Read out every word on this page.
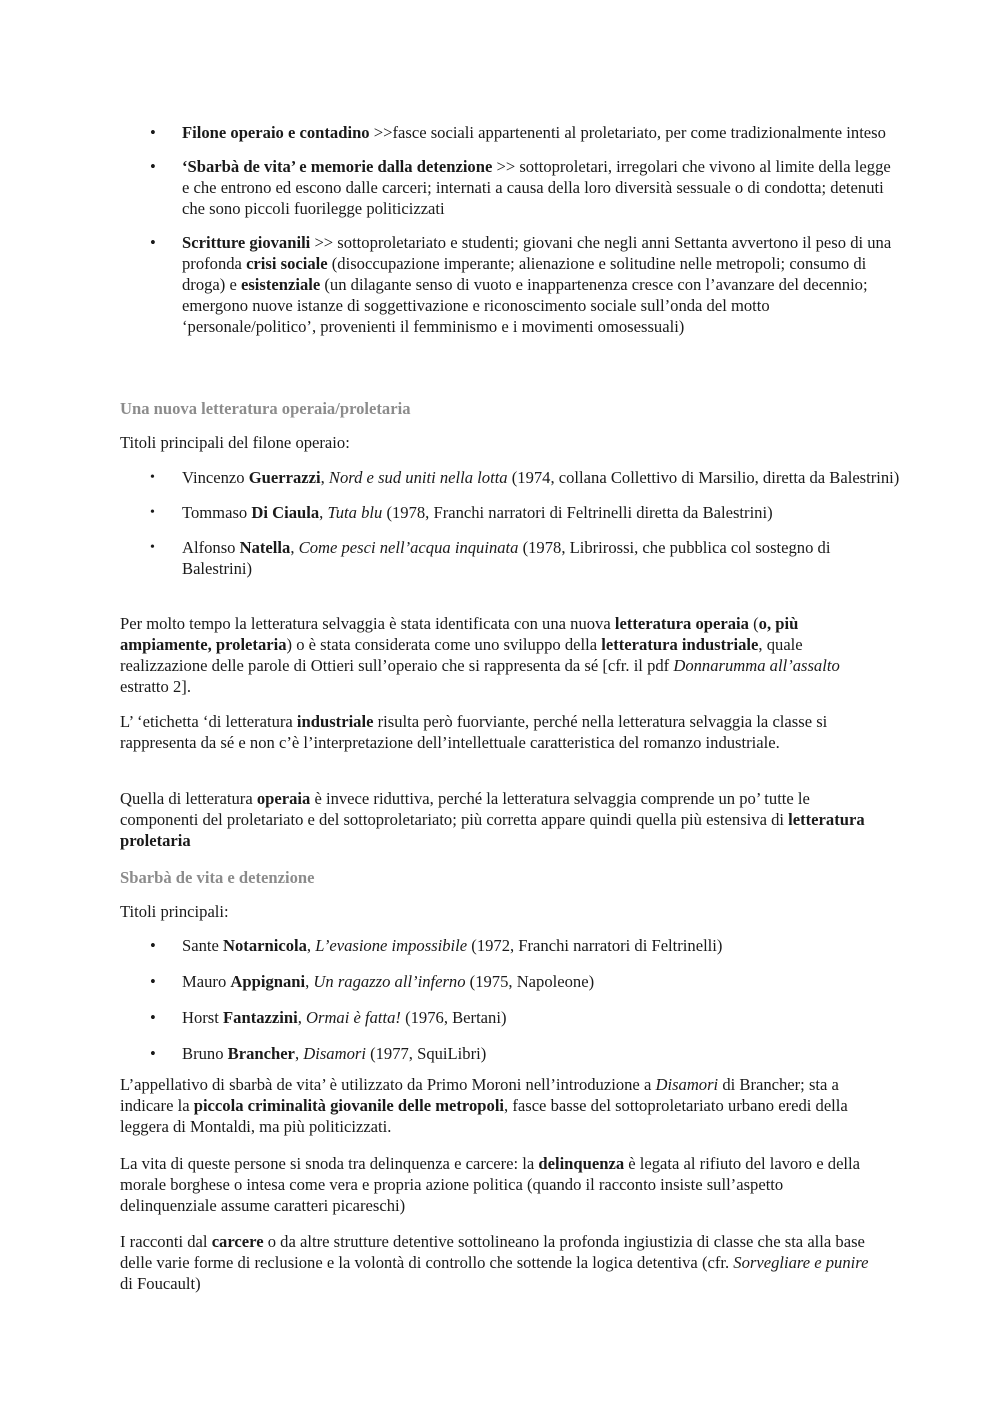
• Filone operaio e contadino >>fasce sociali appartenenti al proletariato, per come tradizionalmente inteso
• ‘Sbarbà de vita’ e memorie dalla detenzione >> sottoproletari, irregolari che vivono al limite della legge e che entrono ed escono dalle carceri; internati a causa della loro diversità sessuale o di condotta; detenuti che sono piccoli fuorilegge politicizzati
• Scritture giovanili >> sottoproletariato e studenti; giovani che negli anni Settanta avvertono il peso di una profonda crisi sociale (disoccupazione imperante; alienazione e solitudine nelle metropoli; consumo di droga) e esistenziale (un dilagante senso di vuoto e inappartenenza cresce con l’avanzare del decennio; emergono nuove istanze di soggettivazione e riconoscimento sociale sull’onda del motto ‘personale/politico’, provenienti il femminismo e i movimenti omosessuali)
Una nuova letteratura operaia/proletaria

Titoli principali del filone operaio:

• Vincenzo Guerrazzi, Nord e sud uniti nella lotta (1974, collana Collettivo di Marsilio, diretta da Balestrini)
• Tommaso Di Ciaula, Tuta blu (1978, Franchi narratori di Feltrinelli diretta da Balestrini)
• Alfonso Natella, Come pesci nell’acqua inquinata (1978, Librirossi, che pubblica col sostegno di Balestrini)

Per molto tempo la letteratura selvaggia è stata identificata con una nuova letteratura operaia (o, più ampiamente, proletaria) o è stata considerata come uno sviluppo della letteratura industriale, quale realizzazione delle parole di Ottieri sull’operaio che si rappresenta da sé [cfr. il pdf Donnarumma all’assalto estratto 2].

L’ ‘etichetta ‘di letteratura industriale risulta però fuorviante, perché nella letteratura selvaggia la classe si rappresenta da sé e non c’è l’interpretazione dell’intellettuale caratteristica del romanzo industriale.

Quella di letteratura operaia è invece riduttiva, perché la letteratura selvaggia comprende un po’ tutte le componenti del proletariato e del sottoproletariato; più corretta appare quindi quella più estensiva di letteratura proletaria

Sbarbà de vita e detenzione

Titoli principali:

• Sante Notarnicola, L’evasione impossibile (1972, Franchi narratori di Feltrinelli)
• Mauro Appignani, Un ragazzo all’inferno (1975, Napoleone)
• Horst Fantazzini, Ormai è fatta! (1976, Bertani)
• Bruno Brancher, Disamori (1977, SquiLibri)

L’appellativo di sbarbà de vita’ è utilizzato da Primo Moroni nell’introduzione a Disamori di Brancher; sta a indicare la piccola criminalità giovanile delle metropoli, fasce basse del sottoproletariato urbano eredi della leggera di Montaldi, ma più politicizzati.

La vita di queste persone si snoda tra delinquenza e carcere: la delinquenza è legata al rifiuto del lavoro e della morale borghese o intesa come vera e propria azione politica (quando il racconto insiste sull’aspetto delinquenziale assume caratteri picareschi)

I racconti dal carcere o da altre strutture detentive sottolineano la profonda ingiustizia di classe che sta alla base delle varie forme di reclusione e la volontà di controllo che sottende la logica detentiva (cfr. Sorvegliare e punire di Foucault)
